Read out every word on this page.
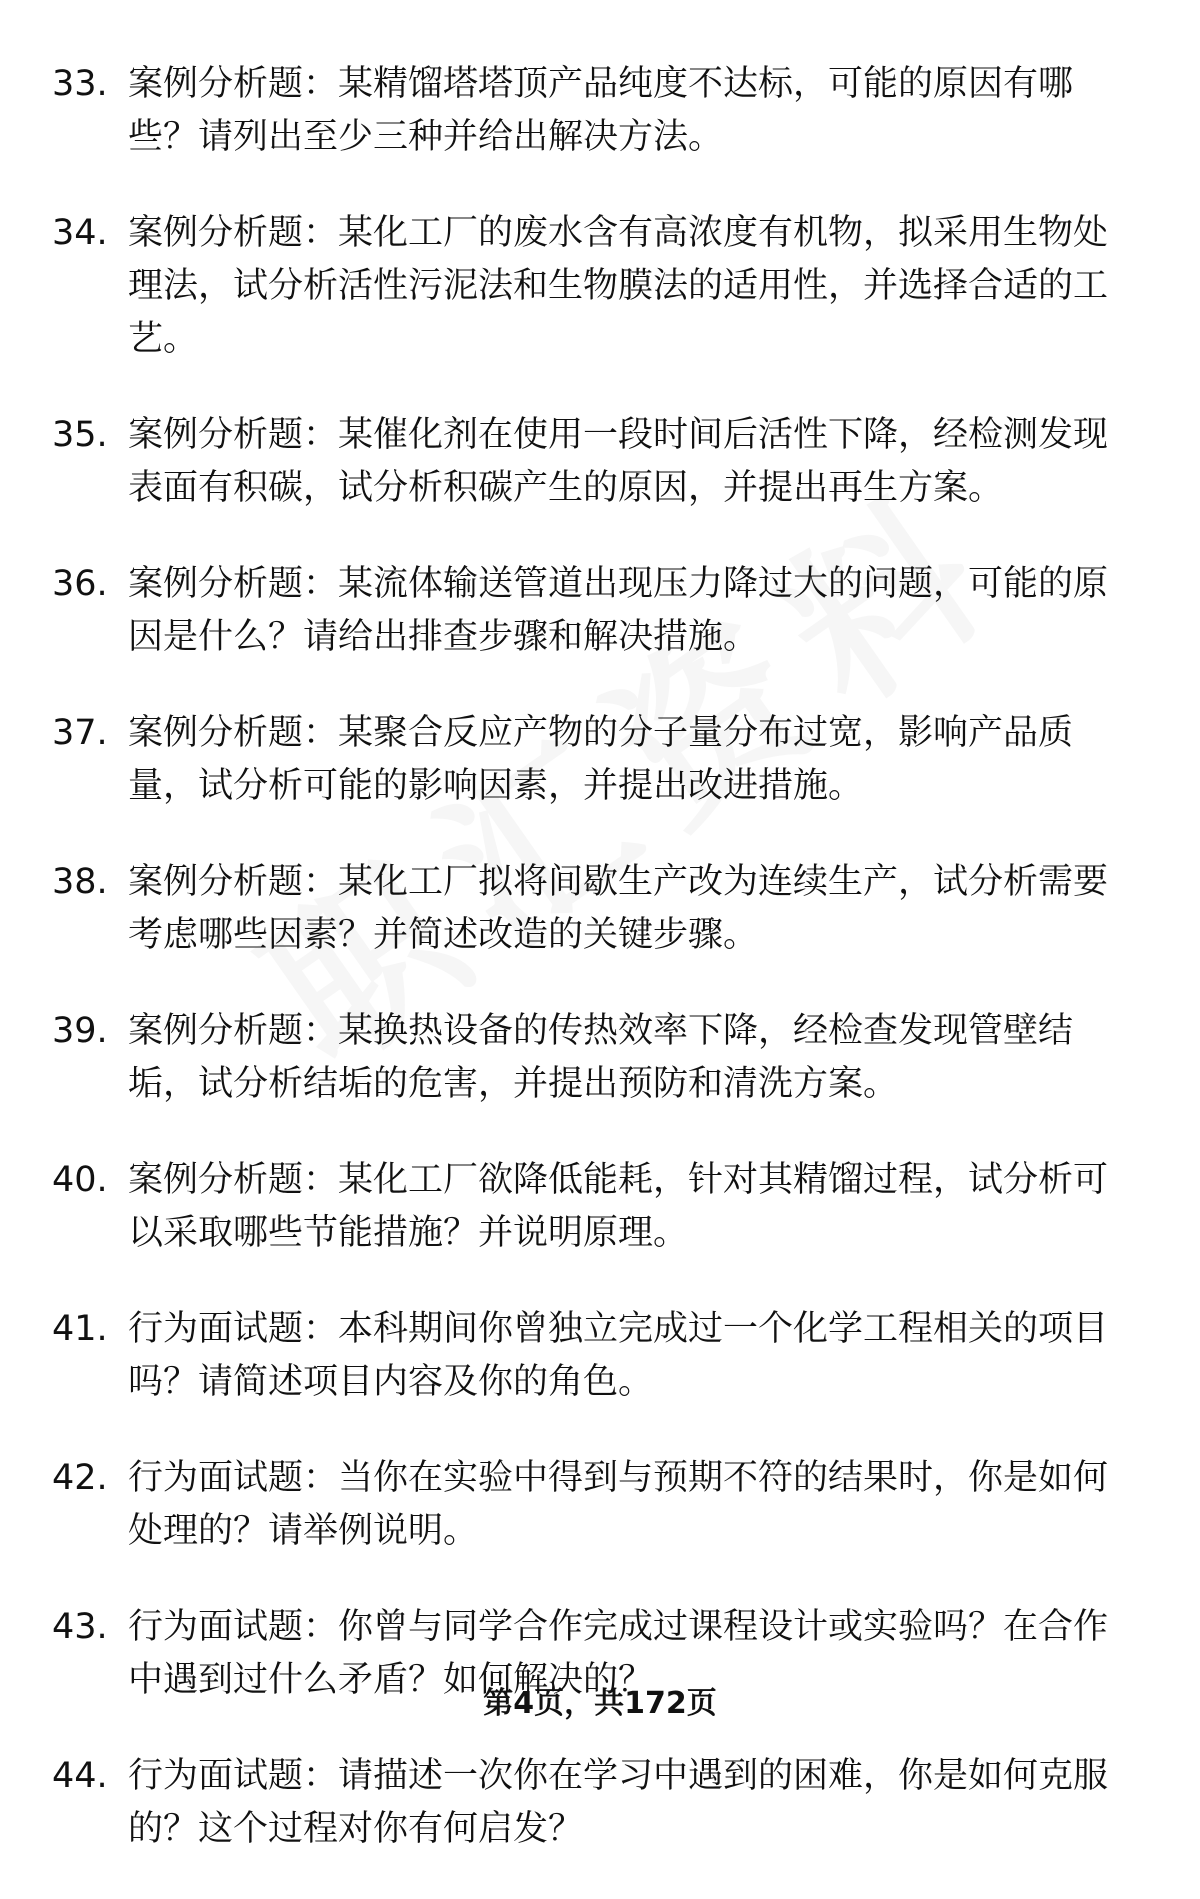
33. 案例分析题：某精馏塔塔顶产品纯度不达标，可能的原因有哪些？请列出至少三种并给出解决方法。
34. 案例分析题：某化工厂的废水含有高浓度有机物，拟采用生物处理法，试分析活性污泥法和生物膜法的适用性，并选择合适的工艺。
35. 案例分析题：某催化剂在使用一段时间后活性下降，经检测发现表面有积碳，试分析积碳产生的原因，并提出再生方案。
36. 案例分析题：某流体输送管道出现压力降过大的问题，可能的原因是什么？请给出排查步骤和解决措施。
37. 案例分析题：某聚合反应产物的分子量分布过宽，影响产品质量，试分析可能的影响因素，并提出改进措施。
38. 案例分析题：某化工厂拟将间歇生产改为连续生产，试分析需要考虑哪些因素？并简述改造的关键步骤。
39. 案例分析题：某换热设备的传热效率下降，经检查发现管壁结垢，试分析结垢的危害，并提出预防和清洗方案。
40. 案例分析题：某化工厂欲降低能耗，针对其精馏过程，试分析可以采取哪些节能措施？并说明原理。
41. 行为面试题：本科期间你曾独立完成过一个化学工程相关的项目吗？请简述项目内容及你的角色。
42. 行为面试题：当你在实验中得到与预期不符的结果时，你是如何处理的？请举例说明。
43. 行为面试题：你曾与同学合作完成过课程设计或实验吗？在合作中遇到过什么矛盾？如何解决的？
44. 行为面试题：请描述一次你在学习中遇到的困难，你是如何克服的？这个过程对你有何启发？
第4页，共172页
